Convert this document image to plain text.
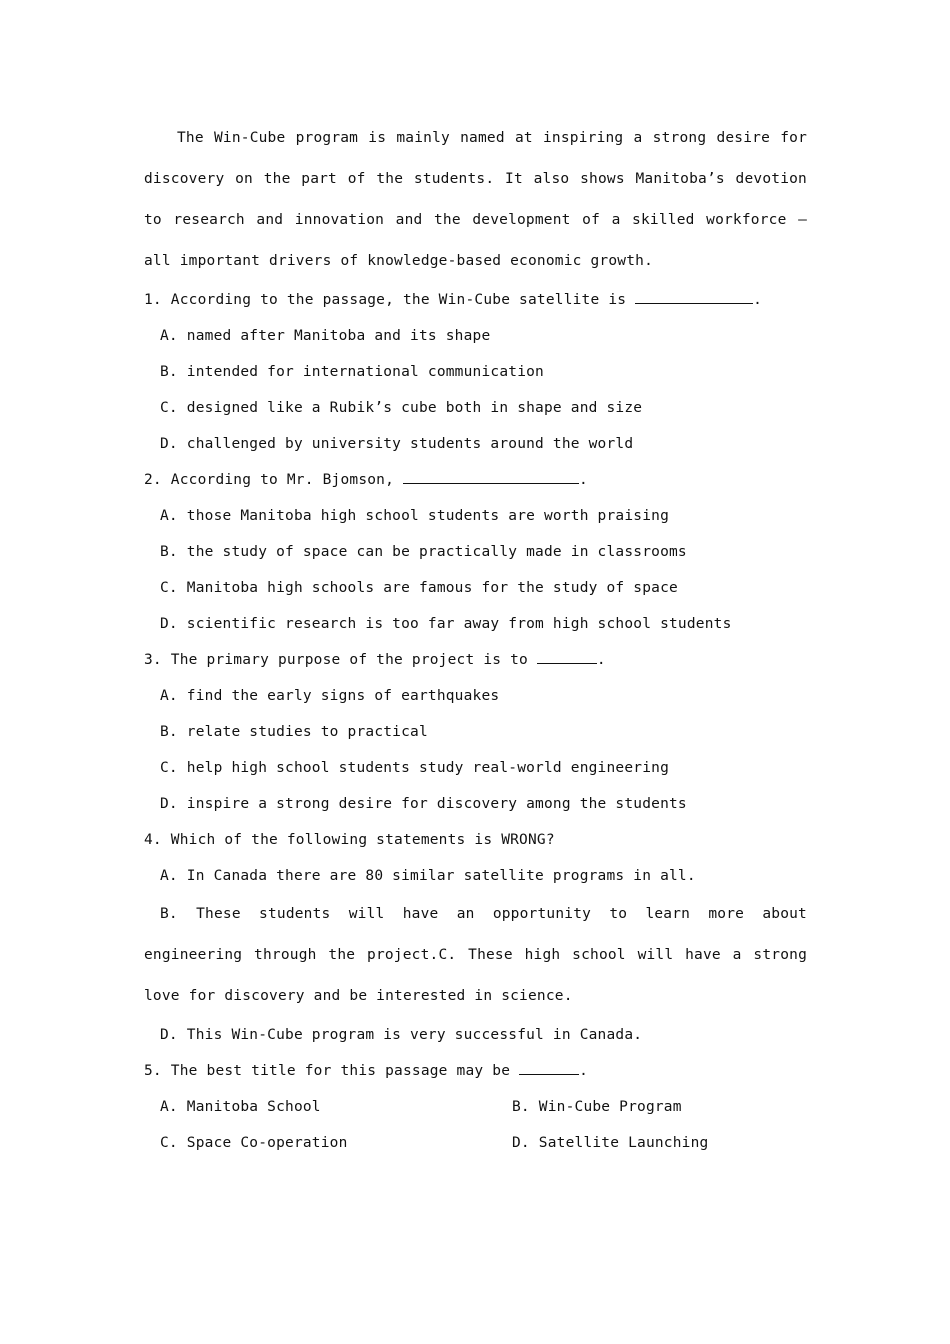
The Win-Cube program is mainly named at inspiring a strong desire for discovery on the part of the students. It also shows Manitoba’s devotion to research and innovation and the development of a skilled workforce — all important drivers of knowledge-based economic growth.

1. According to the passage, the Win-Cube satellite is	.

A. named after Manitoba and its shape

B. intended for international communication

C. designed like a Rubik’s cube both in shape and size

D. challenged by university students around the world

2. According to Mr. Bjomson,	.

A. those Manitoba high school students are worth praising

B. the study of space can be practically made in classrooms

C. Manitoba high schools are famous for the study of space

D. scientific research is too far away from high school students

3. The primary purpose of the project is to	.

A. find the early signs of earthquakes

B. relate studies to practical

C. help high school students study real-world engineering

D. inspire a strong desire for discovery among the students

4. Which of the following statements is WRONG?

A. In Canada there are 80 similar satellite programs in all.

B. These students will have an opportunity to learn more about engineering through the project.C. These high school will have a strong love for discovery and be interested in science.

D. This Win-Cube program is very successful in Canada.

5. The best title for this passage may be	.

A. Manitoba School	B. Win-Cube Program
C. Space Co-operation	D. Satellite Launching
